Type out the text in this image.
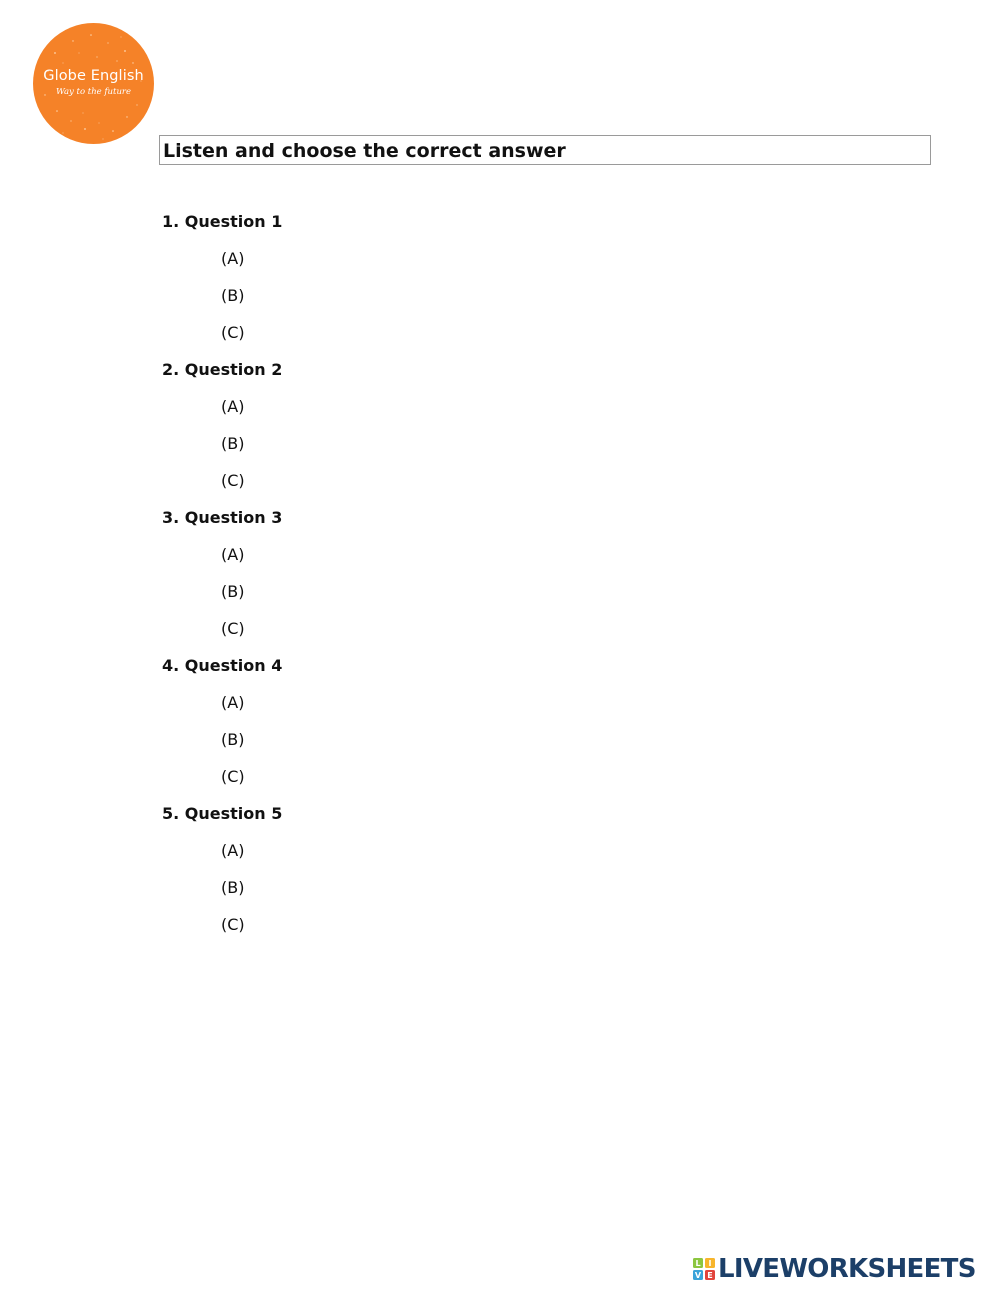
Globe English
Way to the future
Listen and choose the correct answer
1. Question 1
(A)
(B)
(C)
2. Question 2
(A)
(B)
(C)
3. Question 3
(A)
(B)
(C)
4. Question 4
(A)
(B)
(C)
5. Question 5
(A)
(B)
(C)
L I
V E LIVEWORKSHEETS
